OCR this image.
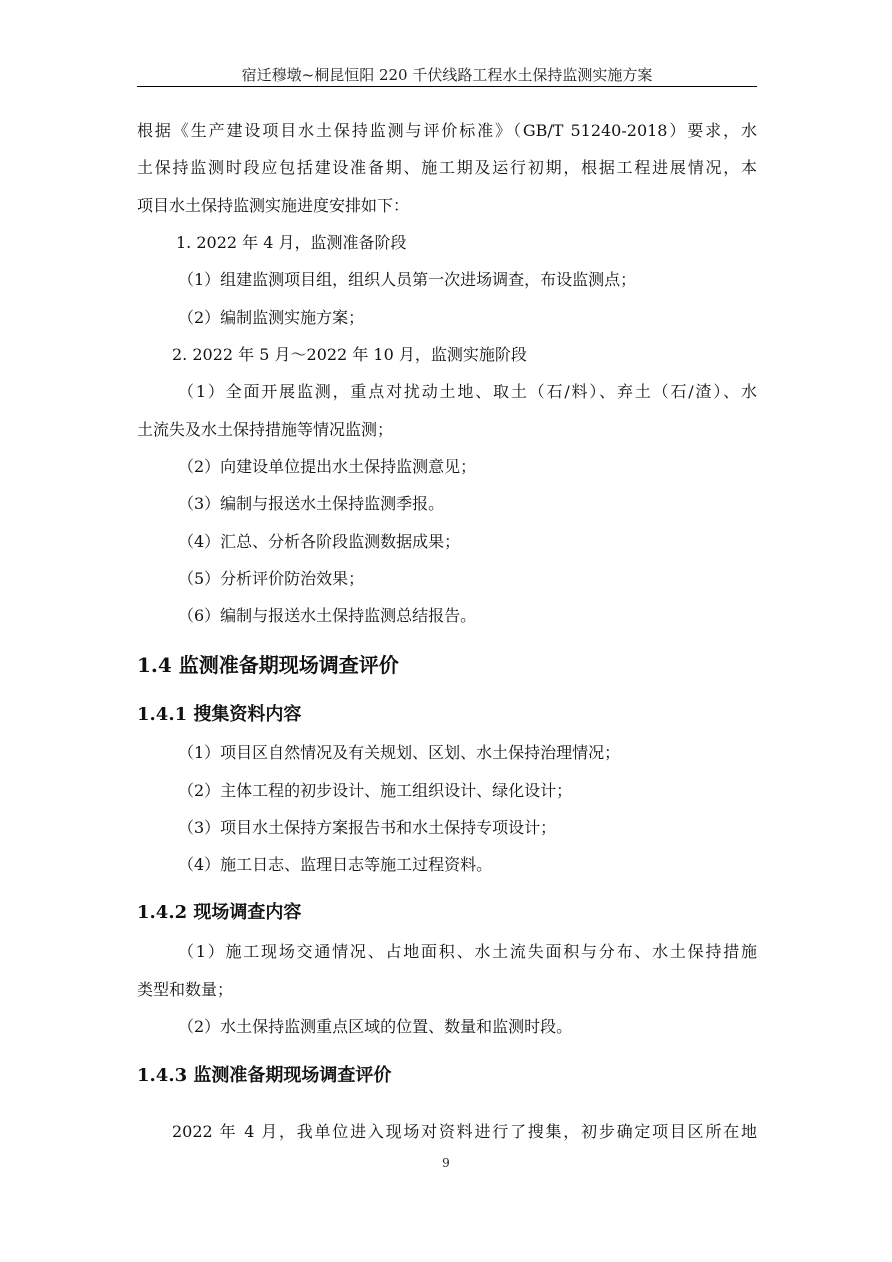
宿迁穆墩~桐昆恒阳 220 千伏线路工程水土保持监测实施方案
根据《生产建设项目水土保持监测与评价标准》（GB/T 51240-2018）要求，水
土保持监测时段应包括建设准备期、施工期及运行初期，根据工程进展情况，本
项目水土保持监测实施进度安排如下：
1. 2022 年 4 月，监测准备阶段
（1）组建监测项目组，组织人员第一次进场调查，布设监测点；
（2）编制监测实施方案；
2. 2022 年 5 月～2022 年 10 月，监测实施阶段
（1）全面开展监测，重点对扰动土地、取土（石/料）、弃土（石/渣）、水
土流失及水土保持措施等情况监测；
（2）向建设单位提出水土保持监测意见；
（3）编制与报送水土保持监测季报。
（4）汇总、分析各阶段监测数据成果；
（5）分析评价防治效果；
（6）编制与报送水土保持监测总结报告。
1.4 监测准备期现场调查评价
1.4.1 搜集资料内容
（1）项目区自然情况及有关规划、区划、水土保持治理情况；
（2）主体工程的初步设计、施工组织设计、绿化设计；
（3）项目水土保持方案报告书和水土保持专项设计；
（4）施工日志、监理日志等施工过程资料。
1.4.2 现场调查内容
（1）施工现场交通情况、占地面积、水土流失面积与分布、水土保持措施
类型和数量；
（2）水土保持监测重点区域的位置、数量和监测时段。
1.4.3 监测准备期现场调查评价
2022 年 4 月，我单位进入现场对资料进行了搜集，初步确定项目区所在地
9
